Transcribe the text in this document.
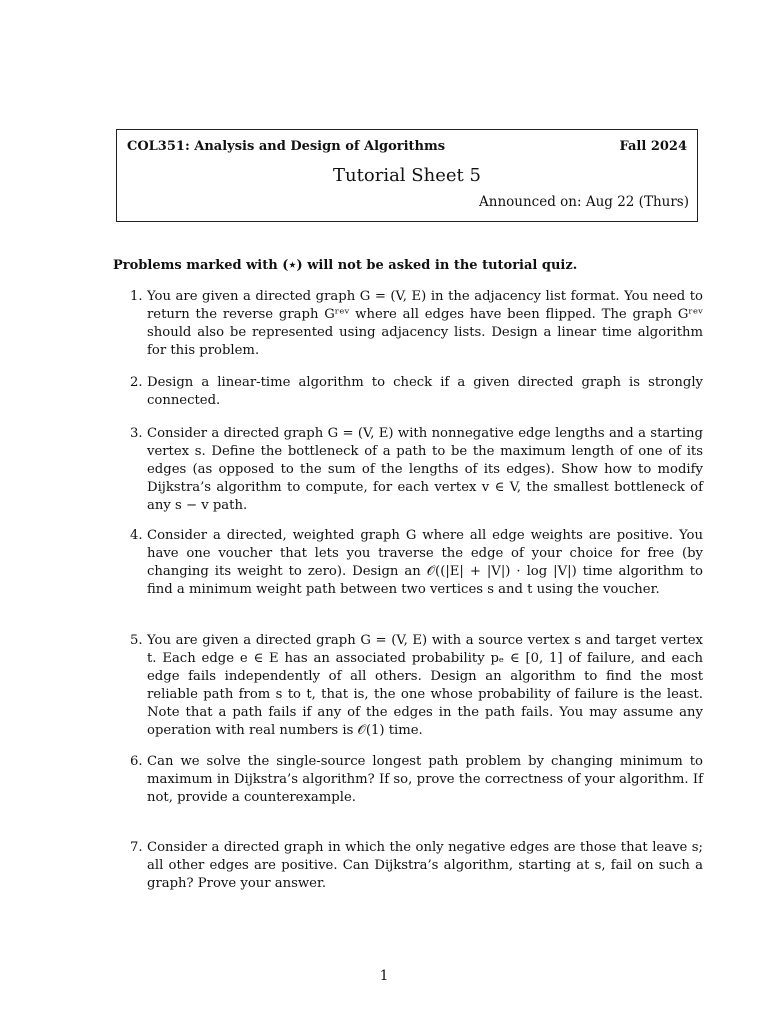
COL351: Analysis and Design of Algorithms	Fall 2024
Tutorial Sheet 5
Announced on: Aug 22 (Thurs)
Problems marked with (⋆) will not be asked in the tutorial quiz.
1. You are given a directed graph G = (V, E) in the adjacency list format. You need to return the reverse graph Gʳᵉᵛ where all edges have been flipped. The graph Gʳᵉᵛ should also be represented using adjacency lists. Design a linear time algorithm for this problem.
2. Design a linear-time algorithm to check if a given directed graph is strongly connected.
3. Consider a directed graph G = (V, E) with nonnegative edge lengths and a starting vertex s. Define the bottleneck of a path to be the maximum length of one of its edges (as opposed to the sum of the lengths of its edges). Show how to modify Dijkstra’s algorithm to compute, for each vertex v ∈ V, the smallest bottleneck of any s − v path.
4. Consider a directed, weighted graph G where all edge weights are positive. You have one voucher that lets you traverse the edge of your choice for free (by changing its weight to zero). Design an 𝒪((|E| + |V|) · log |V|) time algorithm to find a minimum weight path between two vertices s and t using the voucher.
5. You are given a directed graph G = (V, E) with a source vertex s and target vertex t. Each edge e ∈ E has an associated probability pₑ ∈ [0, 1] of failure, and each edge fails independently of all others. Design an algorithm to find the most reliable path from s to t, that is, the one whose probability of failure is the least. Note that a path fails if any of the edges in the path fails. You may assume any operation with real numbers is 𝒪(1) time.
6. Can we solve the single-source longest path problem by changing minimum to maximum in Dijkstra’s algorithm? If so, prove the correctness of your algorithm. If not, provide a counterexample.
7. Consider a directed graph in which the only negative edges are those that leave s; all other edges are positive. Can Dijkstra’s algorithm, starting at s, fail on such a graph? Prove your answer.
1
